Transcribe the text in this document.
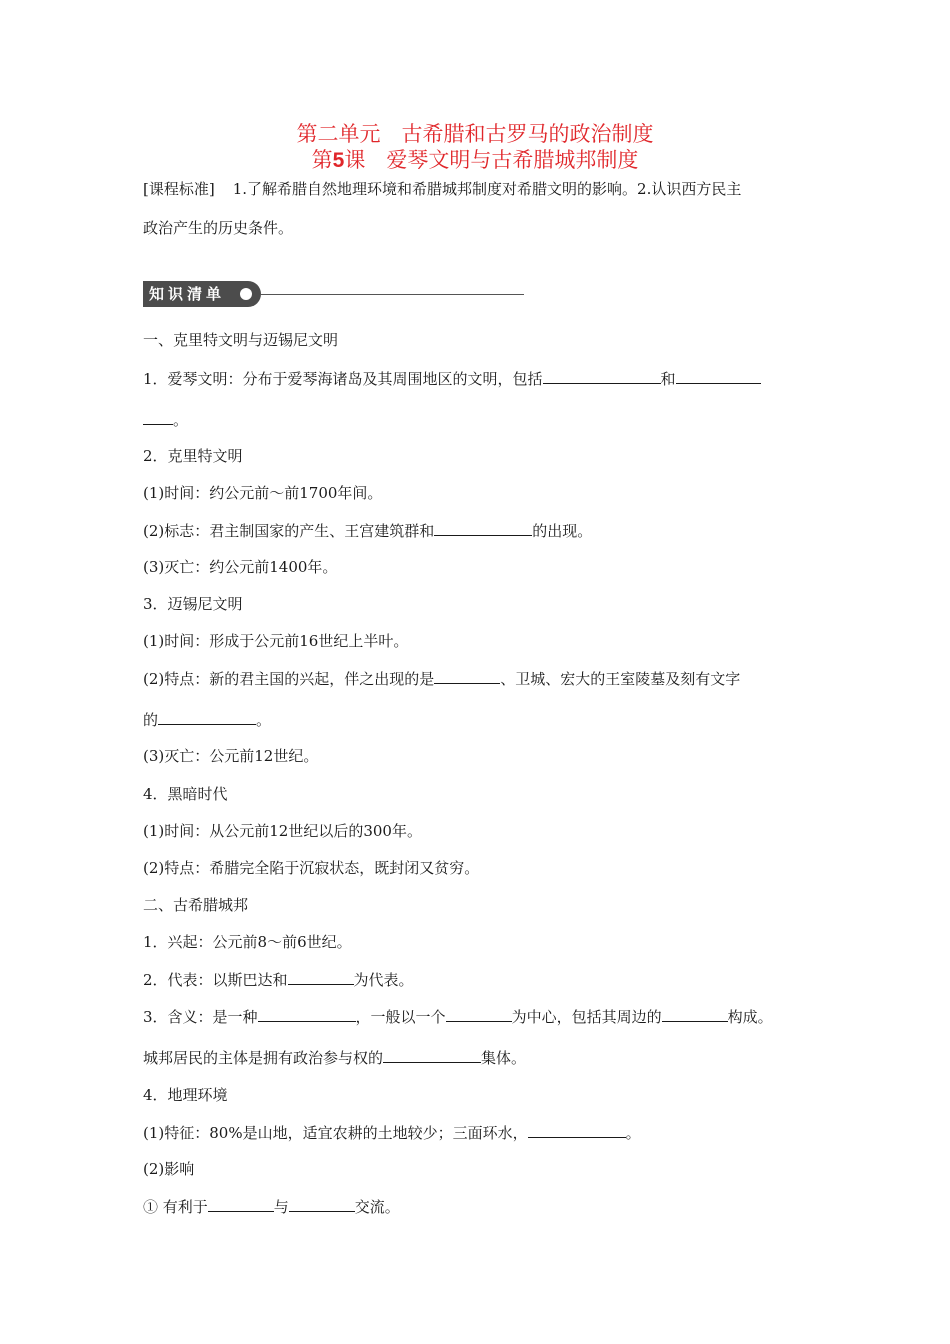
第二单元　古希腊和古罗马的政治制度
第5课　爱琴文明与古希腊城邦制度
[课程标准] 1.了解希腊自然地理环境和希腊城邦制度对希腊文明的影响。2.认识西方民主
政治产生的历史条件。
知识清单
一、克里特文明与迈锡尼文明
1．爱琴文明：分布于爱琴海诸岛及其周围地区的文明，包括	和
。
2．克里特文明
(1)时间：约公元前～前1700年间。
(2)标志：君主制国家的产生、王宫建筑群和	的出现。
(3)灭亡：约公元前1400年。
3．迈锡尼文明
(1)时间：形成于公元前16世纪上半叶。
(2)特点：新的君主国的兴起，伴之出现的是	、卫城、宏大的王室陵墓及刻有文字
的	。
(3)灭亡：公元前12世纪。
4．黑暗时代
(1)时间：从公元前12世纪以后的300年。
(2)特点：希腊完全陷于沉寂状态，既封闭又贫穷。
二、古希腊城邦
1．兴起：公元前8～前6世纪。
2．代表：以斯巴达和	为代表。
3．含义：是一种	，一般以一个	为中心，包括其周边的	构成。
城邦居民的主体是拥有政治参与权的	集体。
4．地理环境
(1)特征：80%是山地，适宜农耕的土地较少；三面环水，	。
(2)影响
① 有利于	与	交流。
